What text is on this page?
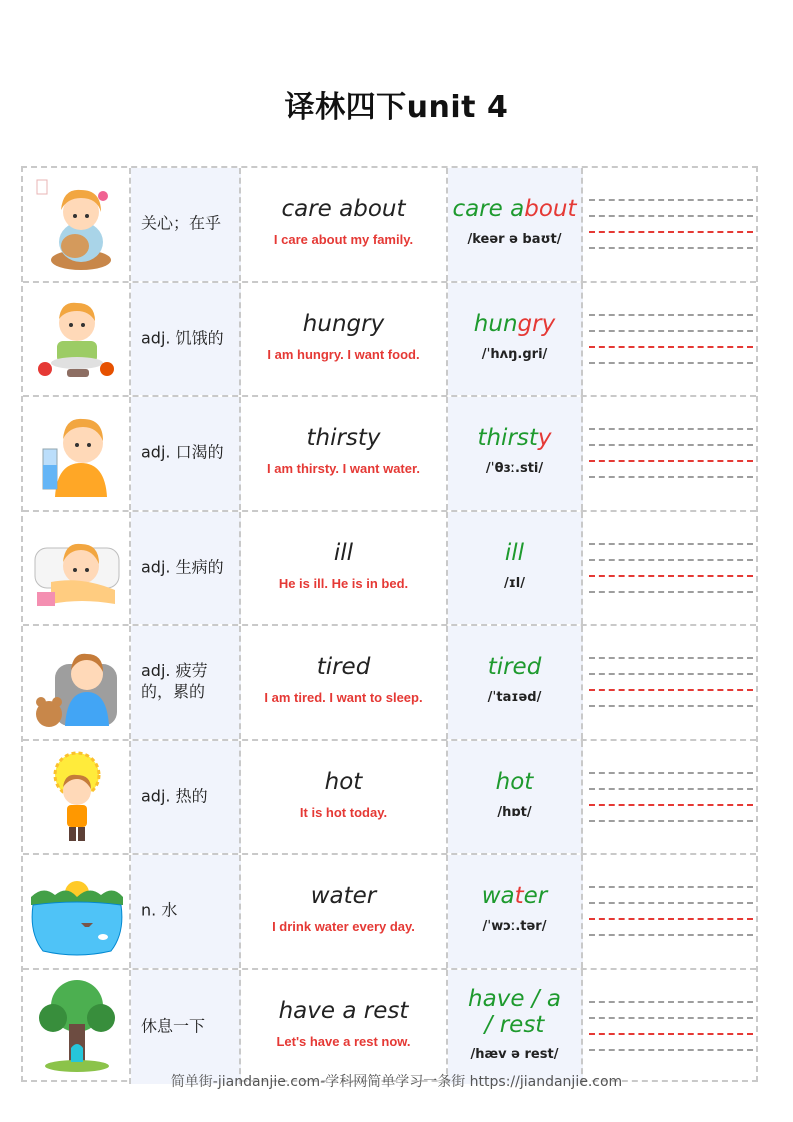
译林四下unit 4
关心；在乎
care about
I care about my family.
care about
/keər ə baʊt/
adj. 饥饿的
hungry
I am hungry. I want food.
hungry
/ˈhʌŋ.gri/
adj. 口渴的
thirsty
I am thirsty. I want water.
thirsty
/ˈθɜː.sti/
adj. 生病的
ill
He is ill. He is in bed.
ill
/ɪl/
adj. 疲劳的，累的
tired
I am tired. I want to sleep.
tired
/ˈtaɪəd/
adj. 热的
hot
It is hot today.
hot
/hɒt/
n. 水
water
I drink water every day.
water
/ˈwɔː.tər/
休息一下
have a rest
Let's have a rest now.
have / a / rest
/hæv ə rest/
简单街-jiandanjie.com-学科网简单学习一条街 https://jiandanjie.com
